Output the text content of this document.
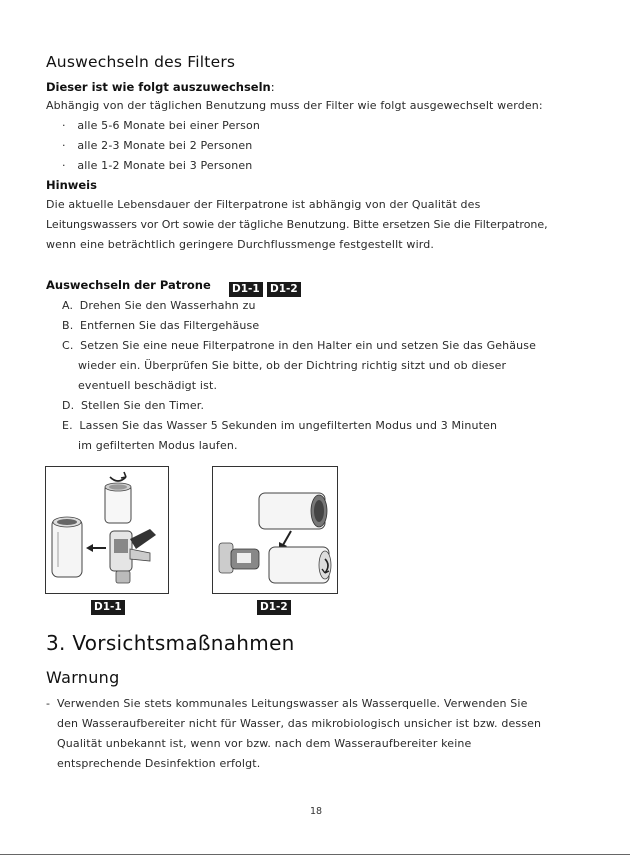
Auswechseln des Filters
Dieser ist wie folgt auszuwechseln:
Abhängig von der täglichen Benutzung muss der Filter wie folgt ausgewechselt werden:
· alle 5-6 Monate bei einer Person
· alle 2-3 Monate bei 2 Personen
· alle 1-2 Monate bei 3 Personen
Hinweis
Die aktuelle Lebensdauer der Filterpatrone ist abhängig von der Qualität des
Leitungswassers vor Ort sowie der tägliche Benutzung. Bitte ersetzen Sie die Filterpatrone,
wenn eine beträchtlich geringere Durchflussmenge festgestellt wird.
Auswechseln der Patrone D1-1 D1-2
A. Drehen Sie den Wasserhahn zu
B. Entfernen Sie das Filtergehäuse
C. Setzen Sie eine neue Filterpatrone in den Halter ein und setzen Sie das Gehäuse
wieder ein. Überprüfen Sie bitte, ob der Dichtring richtig sitzt und ob dieser
eventuell beschädigt ist.
D. Stellen Sie den Timer.
E. Lassen Sie das Wasser 5 Sekunden im ungefilterten Modus und 3 Minuten
im gefilterten Modus laufen.
D1-1	D1-2
3. Vorsichtsmaßnahmen
Warnung
- Verwenden Sie stets kommunales Leitungswasser als Wasserquelle. Verwenden Sie
den Wasseraufbereiter nicht für Wasser, das mikrobiologisch unsicher ist bzw. dessen
Qualität unbekannt ist, wenn vor bzw. nach dem Wasseraufbereiter keine
entsprechende Desinfektion erfolgt.
18
